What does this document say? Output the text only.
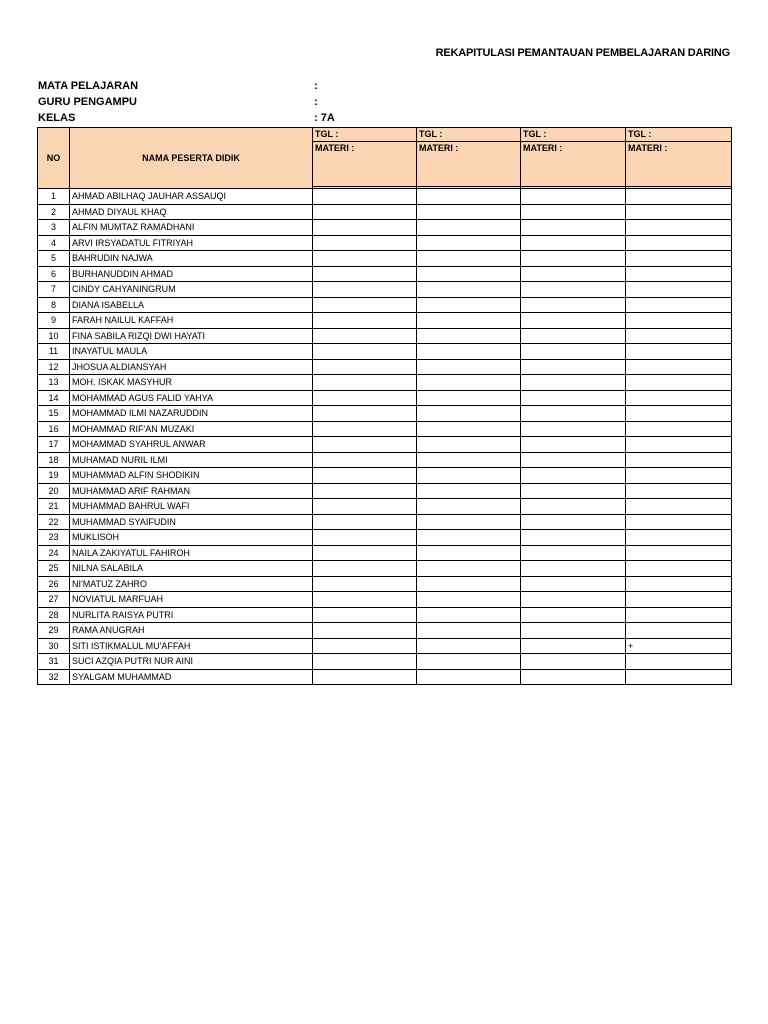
REKAPITULASI PEMANTAUAN PEMBELAJARAN DARING
MATA PELAJARAN	:
GURU PENGAMPU	:
KELAS	: 7A
NO	NAMA PESERTA DIDIK	TGL :	TGL :	TGL :	TGL :
		MATERI :	MATERI :	MATERI :	MATERI :

1	AHMAD ABILHAQ JAUHAR ASSAUQI				
2	AHMAD DIYAUL KHAQ				
3	ALFIN MUMTAZ RAMADHANI				
4	ARVI IRSYADATUL FITRIYAH				
5	BAHRUDIN NAJWA				
6	BURHANUDDIN AHMAD				
7	CINDY CAHYANINGRUM				
8	DIANA ISABELLA				
9	FARAH NAILUL KAFFAH				
10	FINA SABILA RIZQI DWI HAYATI				
11	INAYATUL MAULA				
12	JHOSUA ALDIANSYAH				
13	MOH. ISKAK MASYHUR				
14	MOHAMMAD AGUS FALID YAHYA				
15	MOHAMMAD ILMI NAZARUDDIN				
16	MOHAMMAD RIF'AN MUZAKI				
17	MOHAMMAD SYAHRUL ANWAR				
18	MUHAMAD NURIL ILMI				
19	MUHAMMAD ALFIN SHODIKIN				
20	MUHAMMAD ARIF RAHMAN				
21	MUHAMMAD BAHRUL WAFI				
22	MUHAMMAD SYAIFUDIN				
23	MUKLISOH				
24	NAILA ZAKIYATUL FAHIROH				
25	NILNA SALABILA				
26	NI'MATUZ ZAHRO				
27	NOVIATUL MARFUAH				
28	NURLITA RAISYA PUTRI				
29	RAMA ANUGRAH				
30	SITI ISTIKMALUL MU'AFFAH				+
31	SUCI AZQIA PUTRI NUR AINI				
32	SYALGAM MUHAMMAD				
